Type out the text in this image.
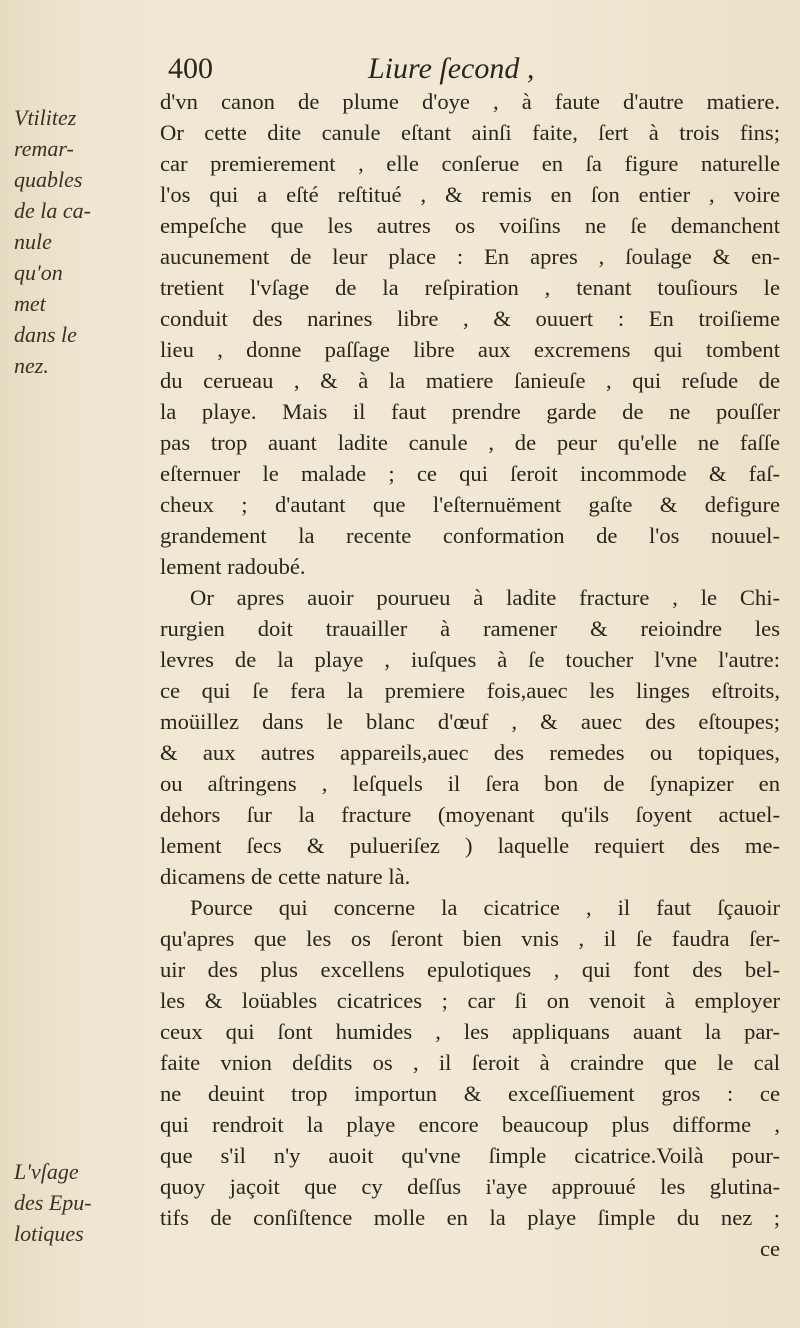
400	Liure ſecond ,
Vtilitez
remar-
quables
de la ca-
nule
qu'on
met
dans le
nez.
L'vſage
des Epu-
lotiques
d'vn canon de plume d'oye , à faute d'autre matiere.
Or cette dite canule eſtant ainſi faite, ſert à trois fins;
car premierement , elle conſerue en ſa figure naturelle
l'os qui a eſté reſtitué , & remis en ſon entier , voire
empeſche que les autres os voiſins ne ſe demanchent
aucunement de leur place : En apres , ſoulage & en-
tretient l'vſage de la reſpiration , tenant touſiours le
conduit des narines libre , & ouuert : En troiſieme
lieu , donne paſſage libre aux excremens qui tombent
du cerueau , & à la matiere ſanieuſe , qui reſude de
la playe. Mais il faut prendre garde de ne pouſſer
pas trop auant ladite canule , de peur qu'elle ne faſſe
eſternuer le malade ; ce qui ſeroit incommode & faſ-
cheux ; d'autant que l'eſternuëment gaſte & defigure
grandement la recente conformation de l'os nouuel-
lement radoubé.
Or apres auoir pourueu à ladite fracture , le Chi-
rurgien doit trauailler à ramener & reioindre les
levres de la playe , iuſques à ſe toucher l'vne l'autre:
ce qui ſe fera la premiere fois,auec les linges eſtroits,
moüillez dans le blanc d'œuf , & auec des eſtoupes;
& aux autres appareils,auec des remedes ou topiques,
ou aſtringens , leſquels il ſera bon de ſynapizer en
dehors ſur la fracture (moyenant qu'ils ſoyent actuel-
lement ſecs & pulueriſez ) laquelle requiert des me-
dicamens de cette nature là.
Pource qui concerne la cicatrice , il faut ſçauoir
qu'apres que les os ſeront bien vnis , il ſe faudra ſer-
uir des plus excellens epulotiques , qui font des bel-
les & loüables cicatrices ; car ſi on venoit à employer
ceux qui ſont humides , les appliquans auant la par-
faite vnion deſdits os , il ſeroit à craindre que le cal
ne deuint trop importun & exceſſiuement gros : ce
qui rendroit la playe encore beaucoup plus difforme ,
que s'il n'y auoit qu'vne ſimple cicatrice.Voilà pour-
quoy jaçoit que cy deſſus i'aye approuué les glutina-
tifs de conſiſtence molle en la playe ſimple du nez ;
ce
